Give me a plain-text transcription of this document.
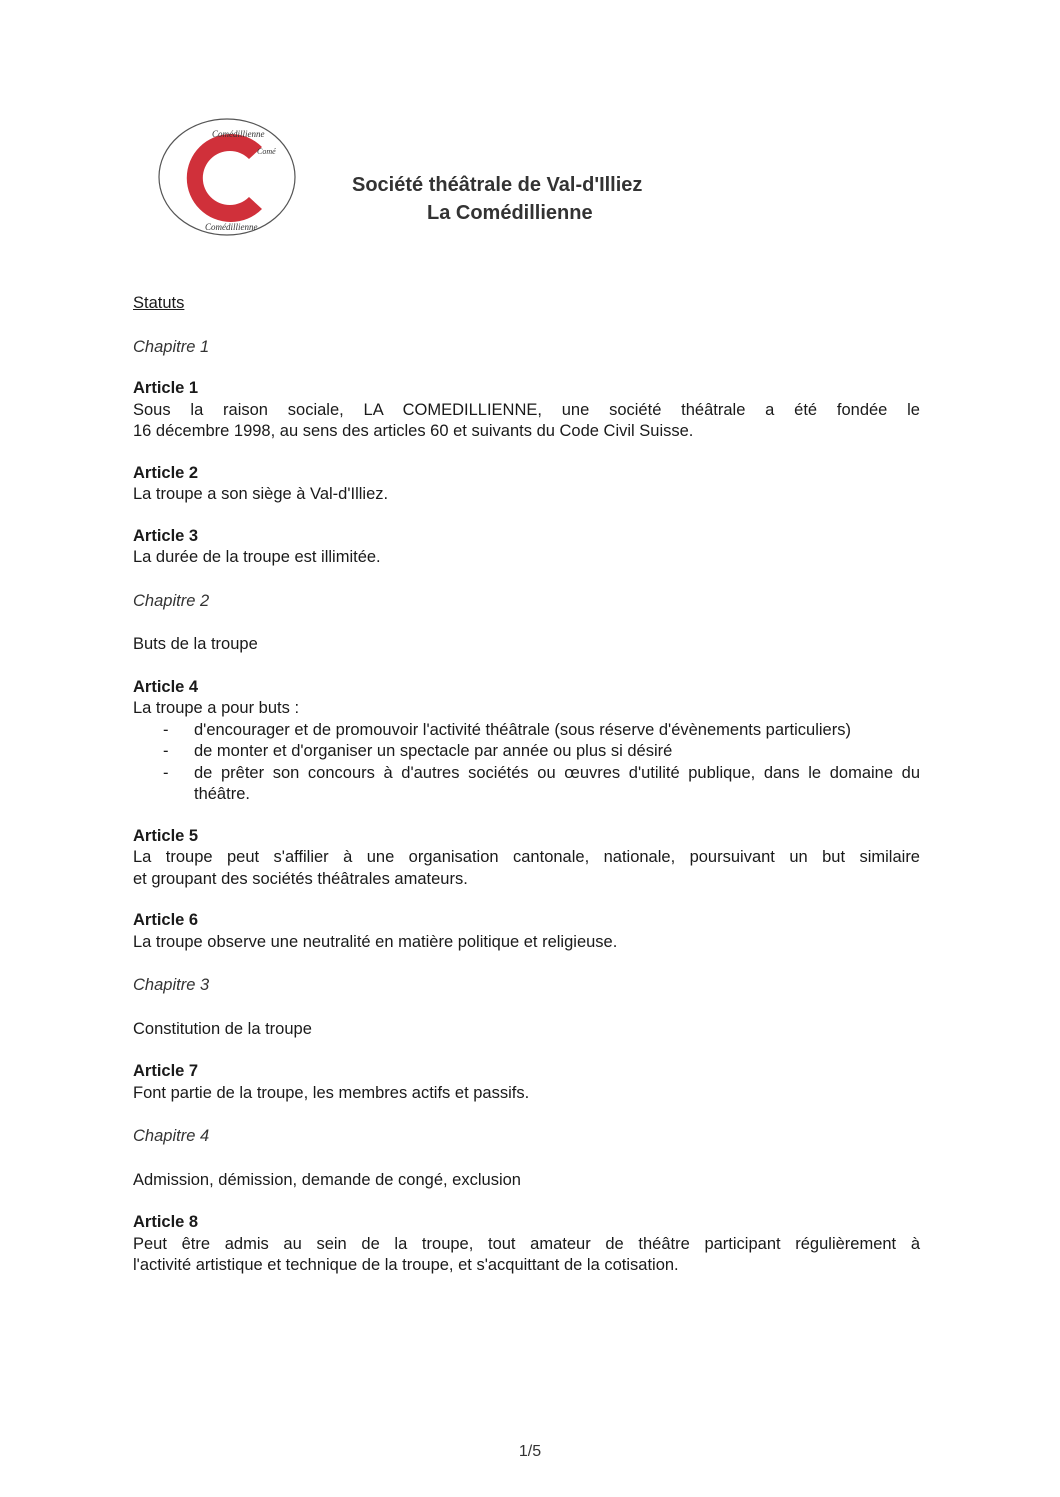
Comédillienne
Comé
Comédillienne
Société théâtrale de Val-d'Illiez
La Comédillienne

Statuts

Chapitre 1

Article 1

Sous la raison sociale, LA COMEDILLIENNE, une société théâtrale a été fondée le

16 décembre 1998, au sens des articles 60 et suivants du Code Civil Suisse.

Article 2

La troupe a son siège à Val-d'Illiez.

Article 3

La durée de la troupe est illimitée.

Chapitre 2

Buts de la troupe

Article 4

La troupe a pour buts :

- d'encourager et de promouvoir l'activité théâtrale (sous réserve d'évènements particuliers)
- de monter et d'organiser un spectacle par année ou plus si désiré
- de prêter son concours à d'autres sociétés ou œuvres d'utilité publique, dans le domaine du théâtre.

Article 5

La troupe peut s'affilier à une organisation cantonale, nationale, poursuivant un but similaire

et groupant des sociétés théâtrales amateurs.

Article 6

La troupe observe une neutralité en matière politique et religieuse.

Chapitre 3

Constitution de la troupe

Article 7

Font partie de la troupe, les membres actifs et passifs.

Chapitre 4

Admission, démission, demande de congé, exclusion

Article 8

Peut être admis au sein de la troupe, tout amateur de théâtre participant régulièrement à

l'activité artistique et technique de la troupe, et s'acquittant de la cotisation.

1/5
